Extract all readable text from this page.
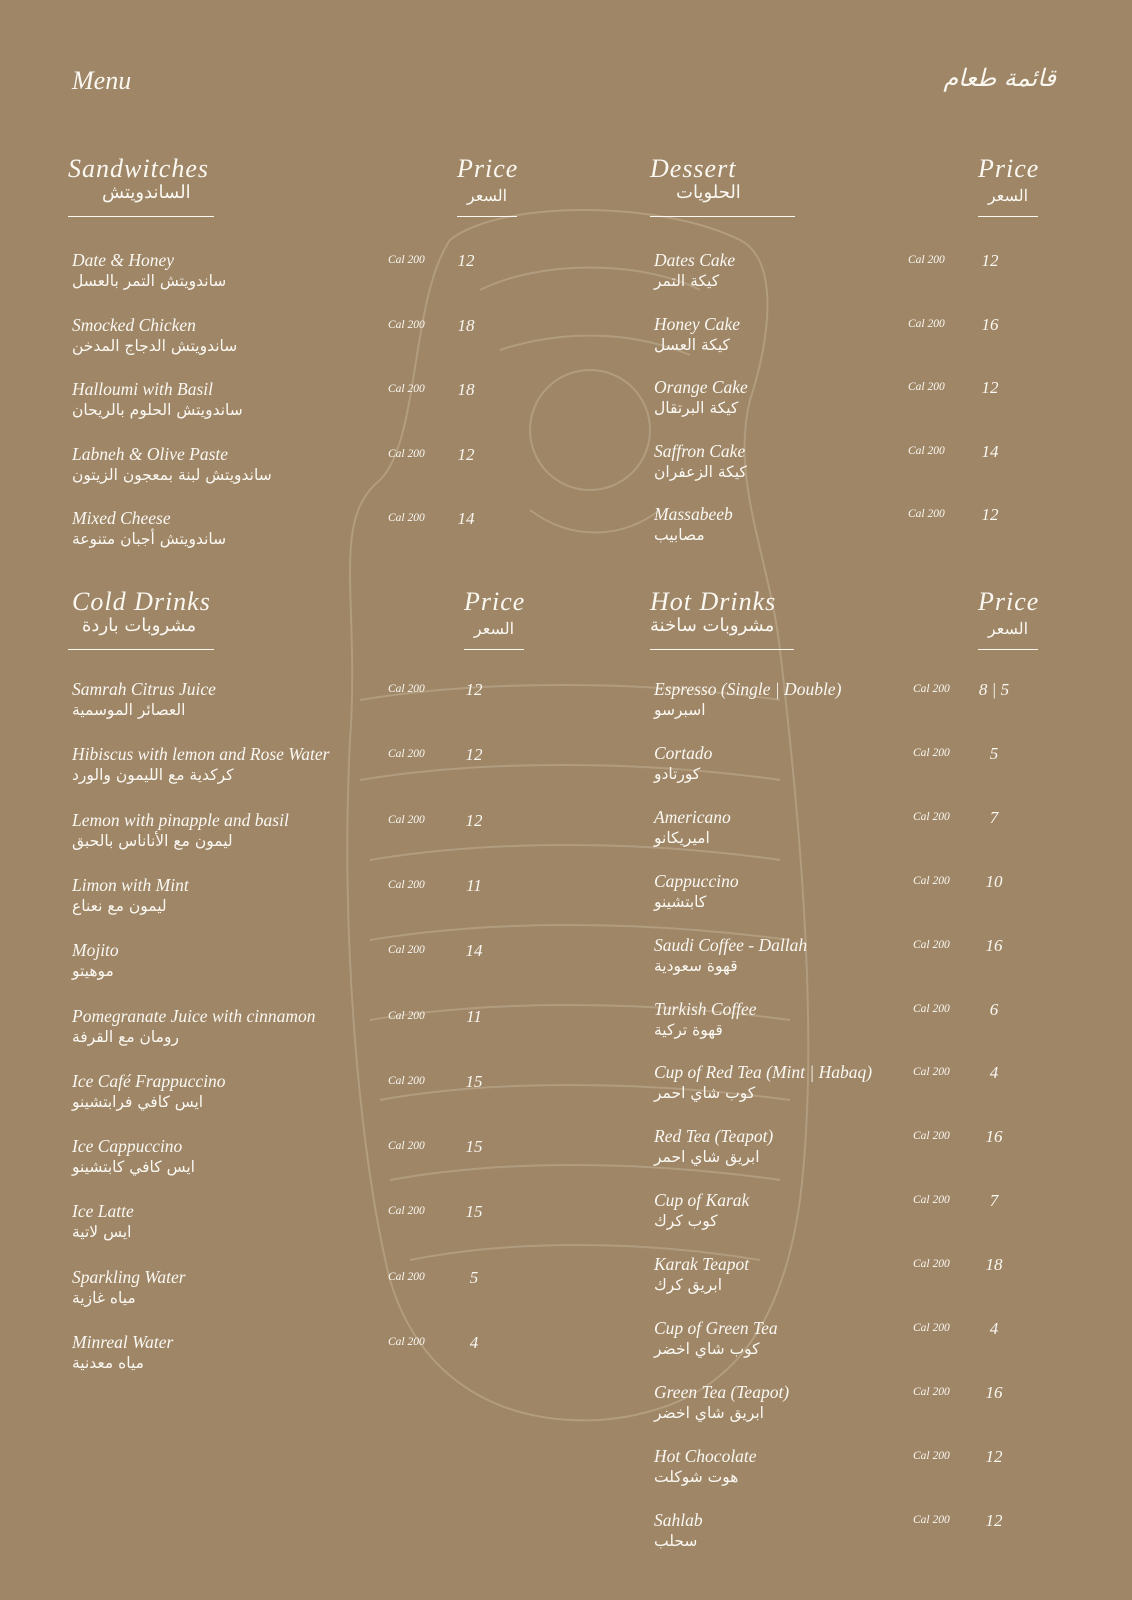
Menu	قائمة طعام
Sandwitches
الساندويتش
Price
السعر
Date & Honey
ساندويتش التمر بالعسل
Cal 200	12
Smocked Chicken
ساندويتش الدجاج المدخن
Cal 200	18
Halloumi with Basil
ساندويتش الحلوم بالريحان
Cal 200	18
Labneh & Olive Paste
ساندويتش لبنة بمعجون الزيتون
Cal 200	12
Mixed Cheese
ساندويتش أجبان متنوعة
Cal 200	14
Dessert
الحلويات
Price
السعر
Dates Cake
كيكة التمر
Cal 200	12
Honey Cake
كيكة العسل
Cal 200	16
Orange Cake
كيكة البرتقال
Cal 200	12
Saffron Cake
كيكة الزعفران
Cal 200	14
Massabeeb
مصابيب
Cal 200	12
Cold Drinks
مشروبات باردة
Price
السعر
Samrah Citrus Juice
العصائر الموسمية
Cal 200	12
Hibiscus with lemon and Rose Water
كركدية مع الليمون والورد
Cal 200	12
Lemon with pinapple and basil
ليمون مع الأناناس بالحبق
Cal 200	12
Limon with Mint
ليمون مع نعناع
Cal 200	11
Mojito
موهيتو
Cal 200	14
Pomegranate Juice with cinnamon
رومان مع القرفة
Cal 200	11
Ice Café Frappuccino
ايس كافي فرابتشينو
Cal 200	15
Ice Cappuccino
ايس كافي كابتشينو
Cal 200	15
Ice Latte
ايس لاتية
Cal 200	15
Sparkling Water
مياه غازية
Cal 200	5
Minreal Water
مياه معدنية
Cal 200	4
Hot Drinks
مشروبات ساخنة
Price
السعر
Espresso (Single | Double)
اسبرسو
Cal 200 8 | 5
Cortado
كورتادو
Cal 200	5
Americano
اميريكانو
Cal 200	7
Cappuccino
كابتشينو
Cal 200	10
Saudi Coffee - Dallah
قهوة سعودية
Cal 200	16
Turkish Coffee
قهوة تركية
Cal 200	6
Cup of Red Tea (Mint | Habaq)
كوب شاي احمر
Cal 200	4
Red Tea (Teapot)
ابريق شاي احمر
Cal 200	16
Cup of Karak
كوب كرك
Cal 200	7
Karak Teapot
ابريق كرك
Cal 200	18
Cup of Green Tea
كوب شاي اخضر
Cal 200	4
Green Tea (Teapot)
ابريق شاي اخضر
Cal 200	16
Hot Chocolate
هوت شوكلت
Cal 200	12
Sahlab
سحلب
Cal 200	12
